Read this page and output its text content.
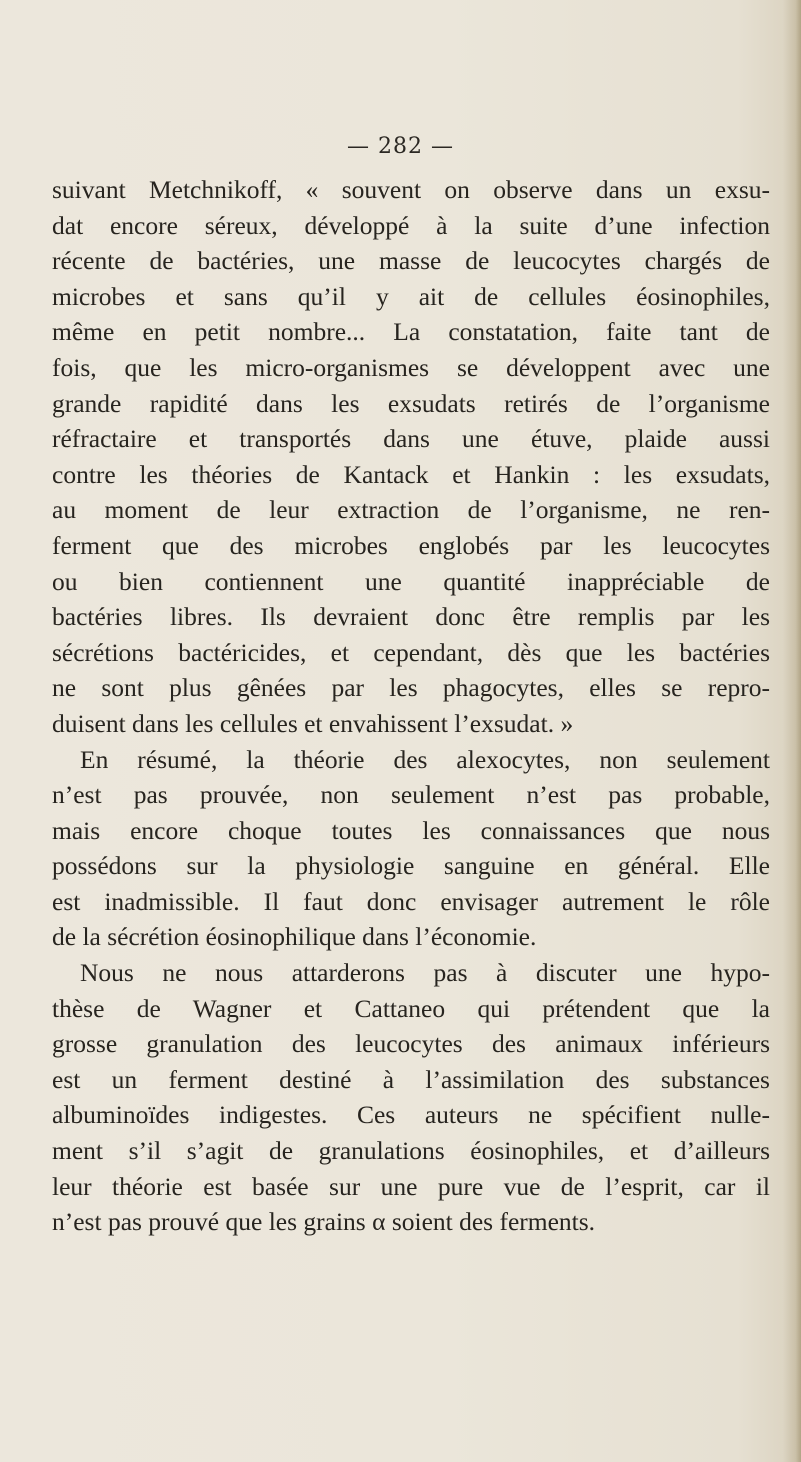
— 282 —
suivant Metchnikoff, « souvent on observe dans un exsu-
dat encore séreux, développé à la suite d’une infection
récente de bactéries, une masse de leucocytes chargés de
microbes et sans qu’il y ait de cellules éosinophiles,
même en petit nombre... La constatation, faite tant de
fois, que les micro-organismes se développent avec une
grande rapidité dans les exsudats retirés de l’organisme
réfractaire et transportés dans une étuve, plaide aussi
contre les théories de Kantack et Hankin : les exsudats,
au moment de leur extraction de l’organisme, ne ren-
ferment que des microbes englobés par les leucocytes
ou bien contiennent une quantité inappréciable de
bactéries libres. Ils devraient donc être remplis par les
sécrétions bactéricides, et cependant, dès que les bactéries
ne sont plus gênées par les phagocytes, elles se repro-
duisent dans les cellules et envahissent l’exsudat. »
En résumé, la théorie des alexocytes, non seulement
n’est pas prouvée, non seulement n’est pas probable,
mais encore choque toutes les connaissances que nous
possédons sur la physiologie sanguine en général. Elle
est inadmissible. Il faut donc envisager autrement le rôle
de la sécrétion éosinophilique dans l’économie.
Nous ne nous attarderons pas à discuter une hypo-
thèse de Wagner et Cattaneo qui prétendent que la
grosse granulation des leucocytes des animaux inférieurs
est un ferment destiné à l’assimilation des substances
albuminoïdes indigestes. Ces auteurs ne spécifient nulle-
ment s’il s’agit de granulations éosinophiles, et d’ailleurs
leur théorie est basée sur une pure vue de l’esprit, car il
n’est pas prouvé que les grains α soient des ferments.
